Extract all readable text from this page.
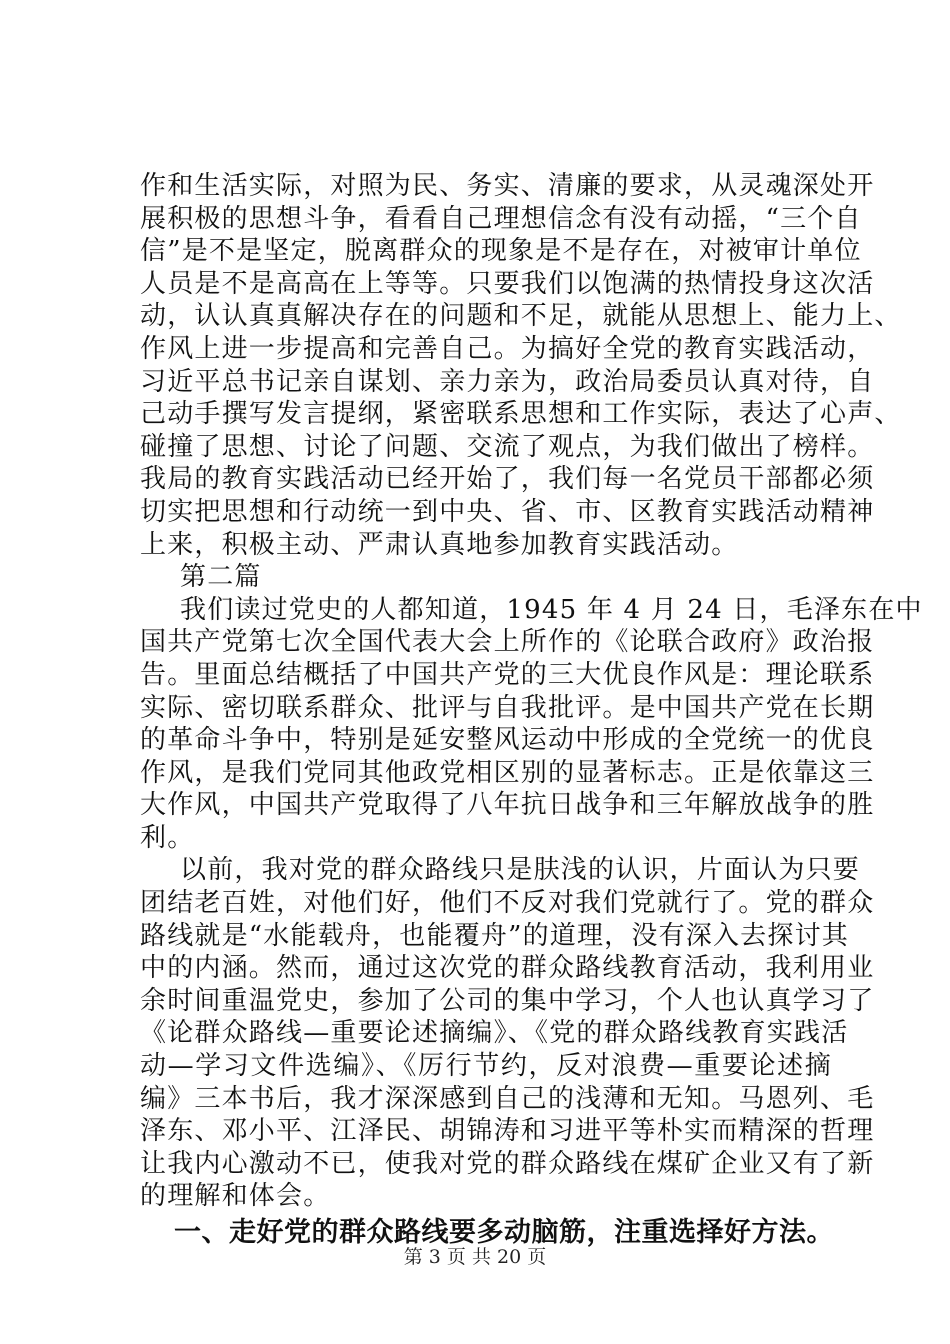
作和生活实际，对照为民、务实、清廉的要求，从灵魂深处开
展积极的思想斗争，看看自己理想信念有没有动摇，“三个自
信”是不是坚定，脱离群众的现象是不是存在，对被审计单位
人员是不是高高在上等等。只要我们以饱满的热情投身这次活
动，认认真真解决存在的问题和不足，就能从思想上、能力上、
作风上进一步提高和完善自己。为搞好全党的教育实践活动，
习近平总书记亲自谋划、亲力亲为，政治局委员认真对待，自
己动手撰写发言提纲，紧密联系思想和工作实际，表达了心声、
碰撞了思想、讨论了问题、交流了观点，为我们做出了榜样。
我局的教育实践活动已经开始了，我们每一名党员干部都必须
切实把思想和行动统一到中央、省、市、区教育实践活动精神
上来，积极主动、严肃认真地参加教育实践活动。
第二篇
我们读过党史的人都知道，1945 年 4 月 24 日，毛泽东在中
国共产党第七次全国代表大会上所作的《论联合政府》政治报
告。里面总结概括了中国共产党的三大优良作风是：理论联系
实际、密切联系群众、批评与自我批评。是中国共产党在长期
的革命斗争中，特别是延安整风运动中形成的全党统一的优良
作风，是我们党同其他政党相区别的显著标志。正是依靠这三
大作风，中国共产党取得了八年抗日战争和三年解放战争的胜
利。
以前，我对党的群众路线只是肤浅的认识，片面认为只要
团结老百姓，对他们好，他们不反对我们党就行了。党的群众
路线就是“水能载舟，也能覆舟”的道理，没有深入去探讨其
中的内涵。然而，通过这次党的群众路线教育活动，我利用业
余时间重温党史，参加了公司的集中学习，个人也认真学习了
《论群众路线—重要论述摘编》、《党的群众路线教育实践活
动—学习文件选编》、《厉行节约，反对浪费—重要论述摘
编》三本书后，我才深深感到自己的浅薄和无知。马恩列、毛
泽东、邓小平、江泽民、胡锦涛和习进平等朴实而精深的哲理
让我内心激动不已，使我对党的群众路线在煤矿企业又有了新
的理解和体会。
一、走好党的群众路线要多动脑筋，注重选择好方法。
第 3 页 共 20 页
